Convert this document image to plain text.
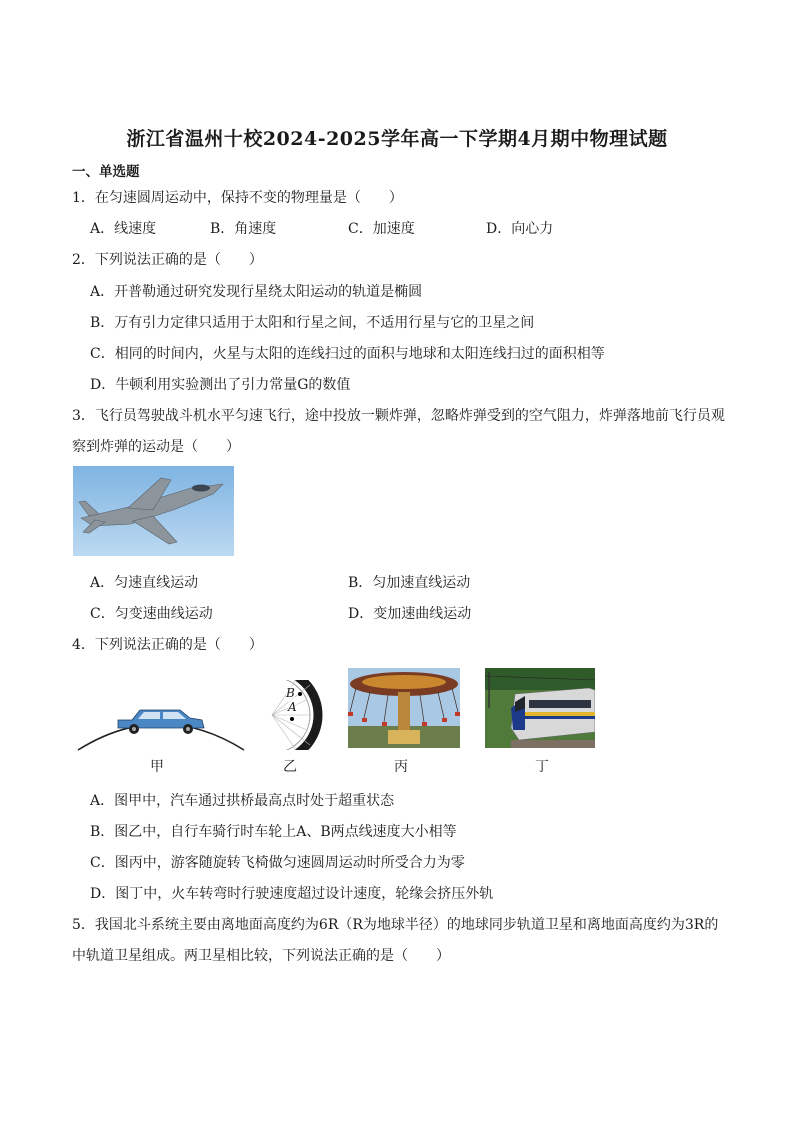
浙江省温州十校2024-2025学年高一下学期4月期中物理试题
一、单选题
1．在匀速圆周运动中，保持不变的物理量是（　　）
A．线速度	B．角速度	C．加速度	D．向心力
2．下列说法正确的是（　　）
A．开普勒通过研究发现行星绕太阳运动的轨道是椭圆
B．万有引力定律只适用于太阳和行星之间，不适用行星与它的卫星之间
C．相同的时间内，火星与太阳的连线扫过的面积与地球和太阳连线扫过的面积相等
D．牛顿利用实验测出了引力常量G的数值
3．飞行员驾驶战斗机水平匀速飞行，途中投放一颗炸弹，忽略炸弹受到的空气阻力，炸弹落地前飞行员观
察到炸弹的运动是（　　）
A．匀速直线运动	B．匀加速直线运动
C．匀变速曲线运动	D．变加速曲线运动
4．下列说法正确的是（　　）
甲
B
A
乙	丙	丁
A．图甲中，汽车通过拱桥最高点时处于超重状态
B．图乙中，自行车骑行时车轮上A、B两点线速度大小相等
C．图丙中，游客随旋转飞椅做匀速圆周运动时所受合力为零
D．图丁中，火车转弯时行驶速度超过设计速度，轮缘会挤压外轨
5．我国北斗系统主要由离地面高度约为6R（R为地球半径）的地球同步轨道卫星和离地面高度约为3R的
中轨道卫星组成。两卫星相比较，下列说法正确的是（　　）
